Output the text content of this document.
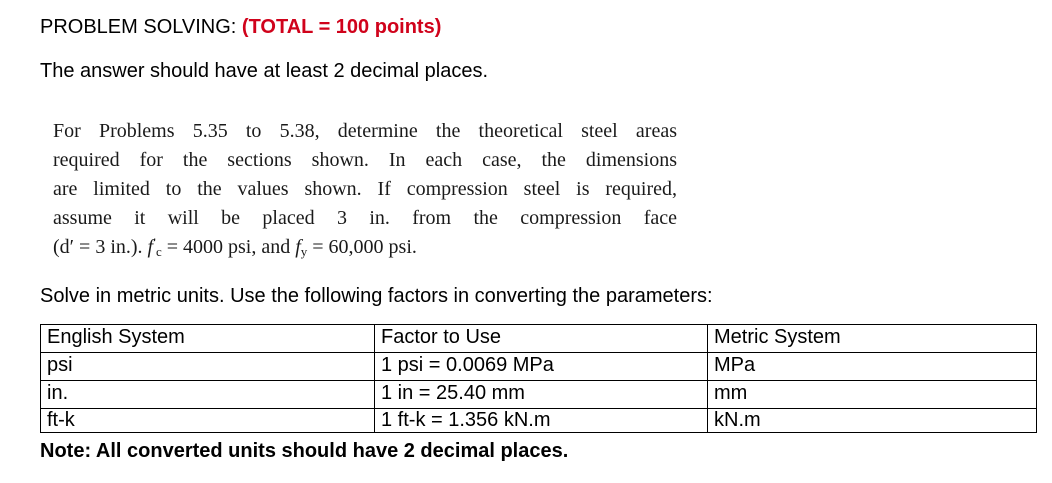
PROBLEM SOLVING: (TOTAL = 100 points)
The answer should have at least 2 decimal places.
For Problems 5.35 to 5.38, determine the theoretical steel areas
required for the sections shown. In each case, the dimensions
are limited to the values shown. If compression steel is required,
assume it will be placed 3 in. from the compression face
(d′ = 3 in.). $f'_c = 4000$ psi, and $f_y = 60,000$ psi.
Solve in metric units. Use the following factors in converting the parameters:
English System	Factor to Use	Metric System
psi	1 psi = 0.0069 MPa	MPa
in.	1 in = 25.40 mm	mm
ft-k	1 ft-k = 1.356 kN.m	kN.m
Note: All converted units should have 2 decimal places.
